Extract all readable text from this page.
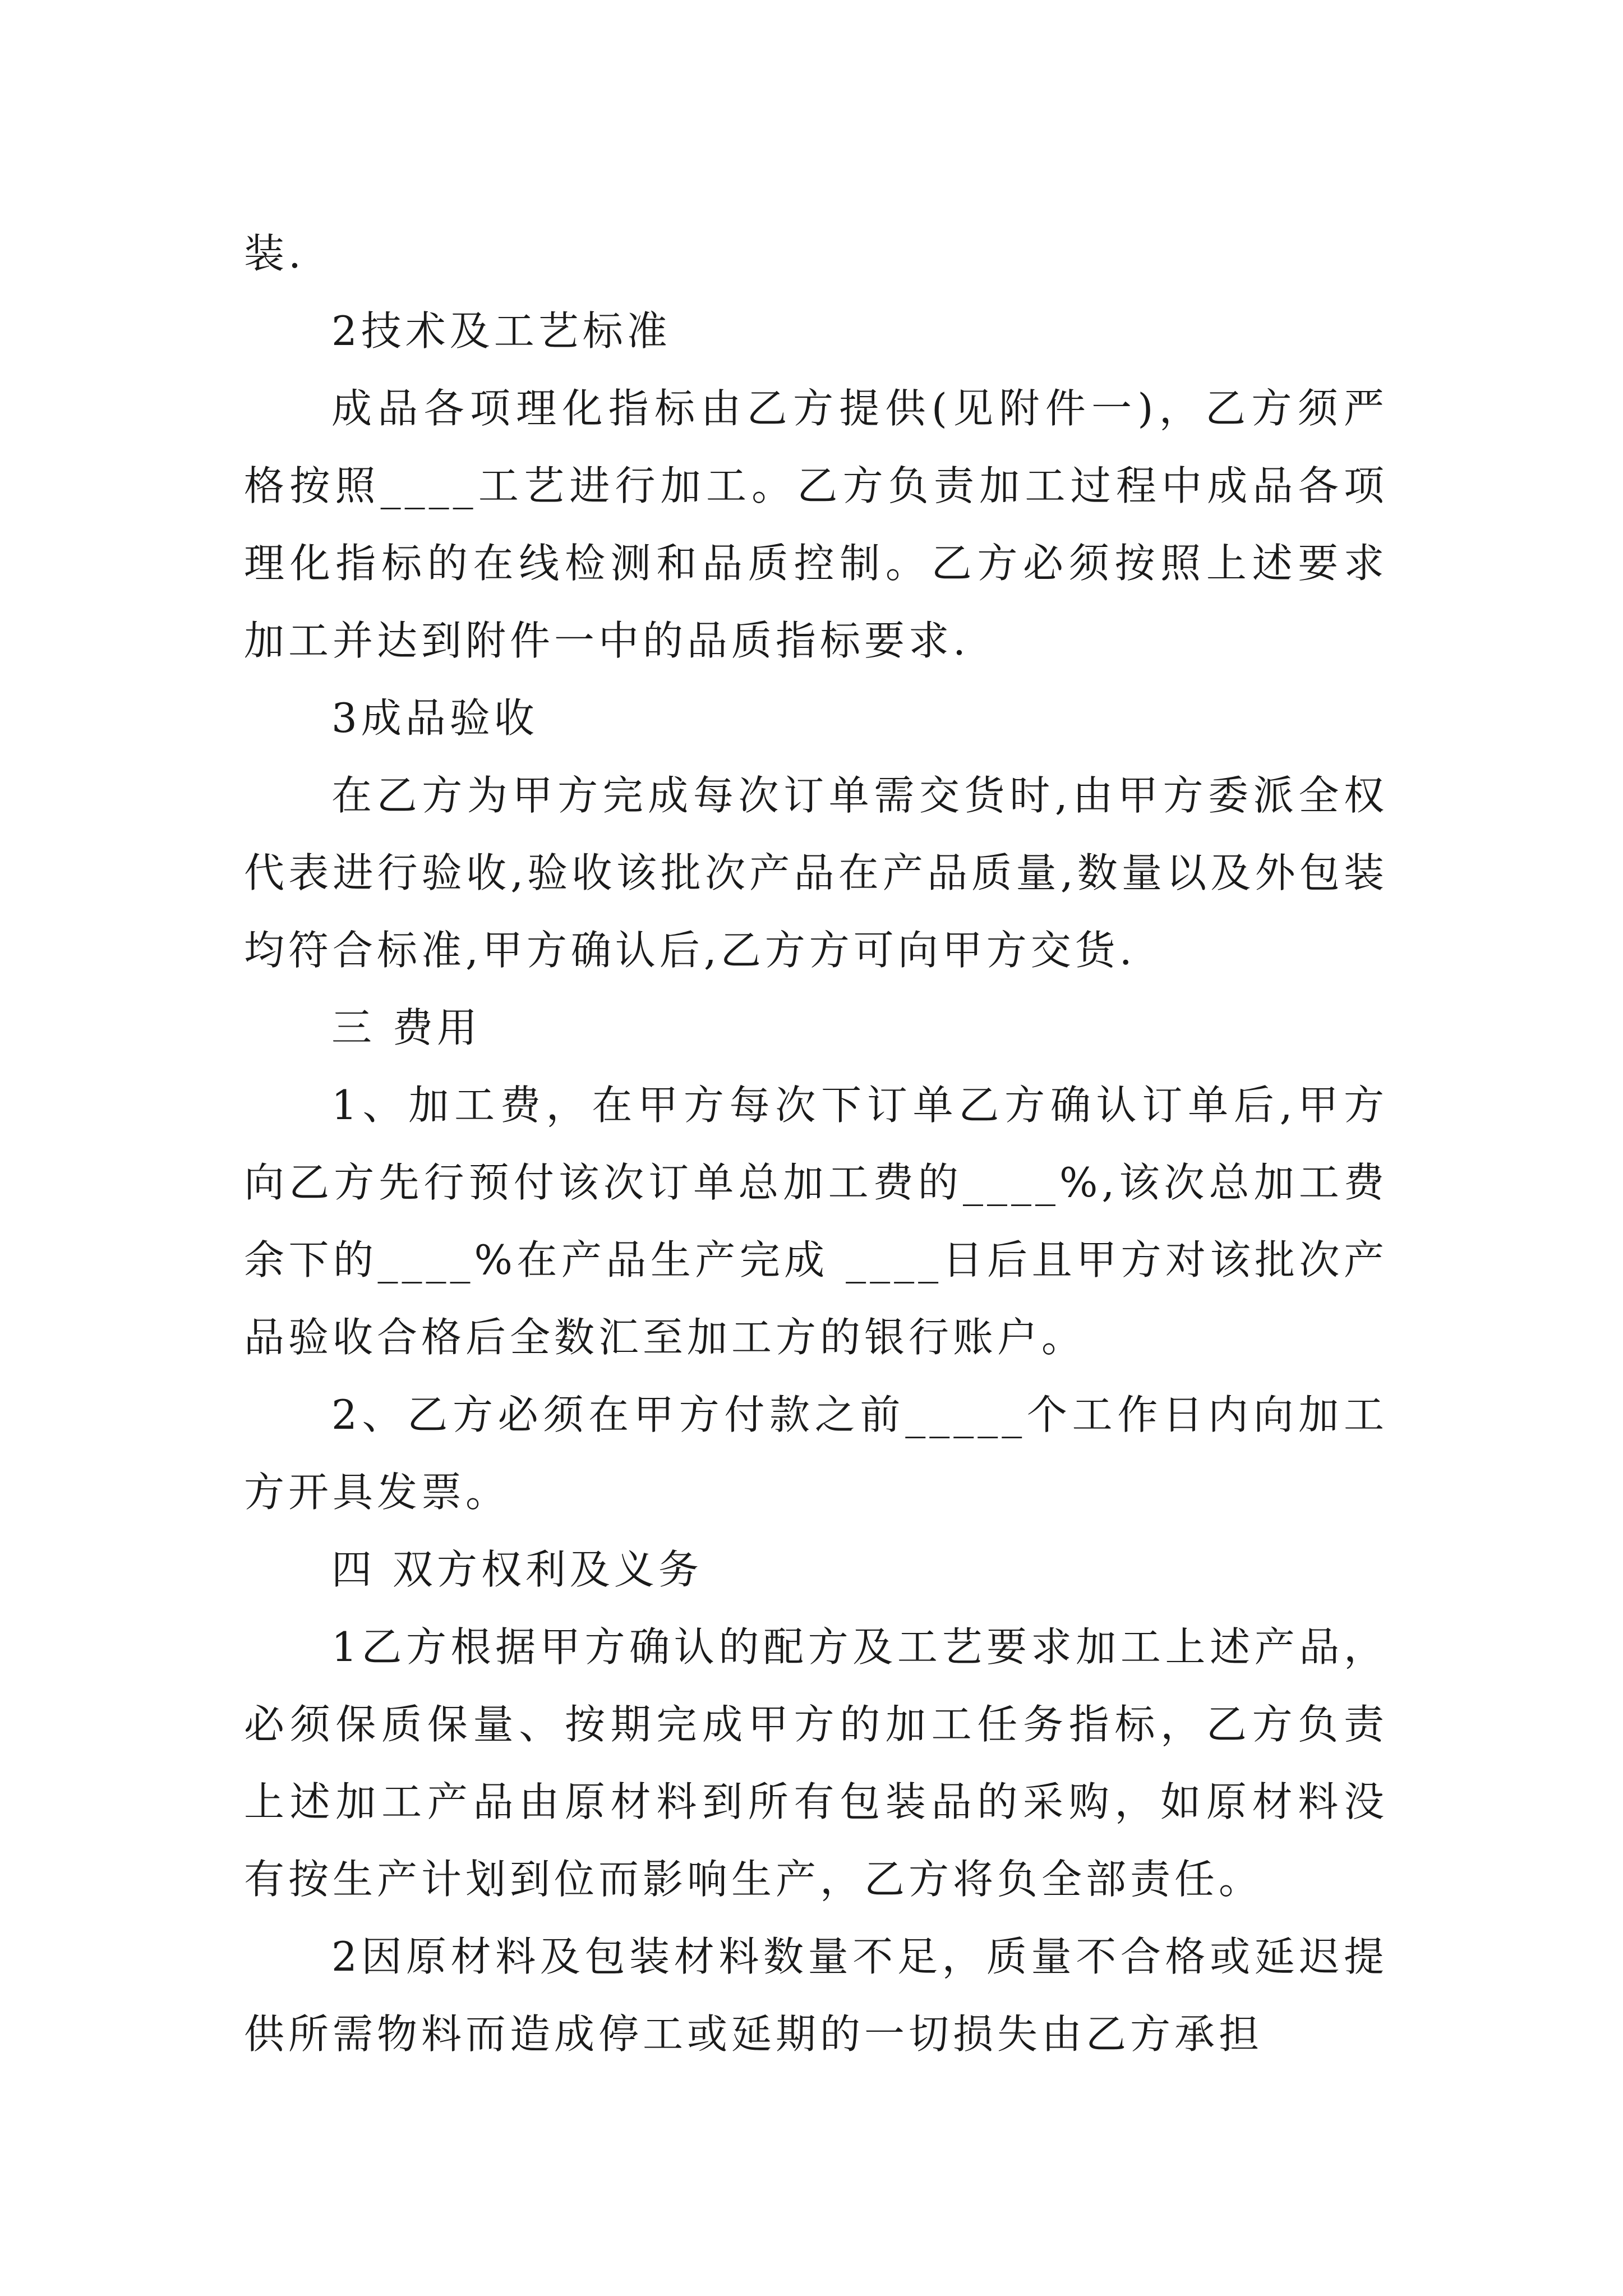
装.

2技术及工艺标准

成品各项理化指标由乙方提供(见附件一)，乙方须严格按照____工艺进行加工。乙方负责加工过程中成品各项理化指标的在线检测和品质控制。乙方必须按照上述要求加工并达到附件一中的品质指标要求.

3成品验收

在乙方为甲方完成每次订单需交货时,由甲方委派全权代表进行验收,验收该批次产品在产品质量,数量以及外包装均符合标准,甲方确认后,乙方方可向甲方交货.

三 费用

1、加工费，在甲方每次下订单乙方确认订单后,甲方向乙方先行预付该次订单总加工费的____%,该次总加工费余下的____%在产品生产完成 ____日后且甲方对该批次产品验收合格后全数汇至加工方的银行账户。

2、乙方必须在甲方付款之前_____个工作日内向加工方开具发票。

四 双方权利及义务

1乙方根据甲方确认的配方及工艺要求加工上述产品，必须保质保量、按期完成甲方的加工任务指标，乙方负责上述加工产品由原材料到所有包装品的采购，如原材料没有按生产计划到位而影响生产，乙方将负全部责任。

2因原材料及包装材料数量不足，质量不合格或延迟提供所需物料而造成停工或延期的一切损失由乙方承担
